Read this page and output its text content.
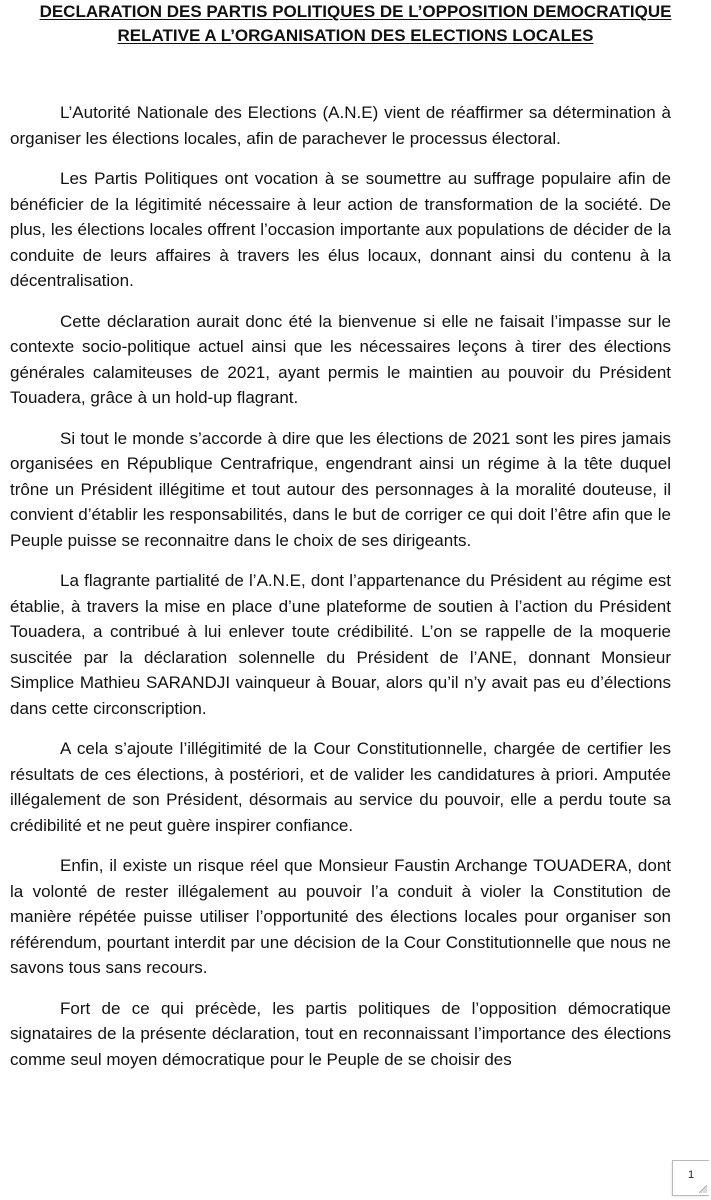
DECLARATION DES PARTIS POLITIQUES DE L’OPPOSITION DEMOCRATIQUE
RELATIVE A L’ORGANISATION DES ELECTIONS LOCALES

L’Autorité Nationale des Elections (A.N.E) vient de réaffirmer sa détermination à organiser les élections locales, afin de parachever le processus électoral.

Les Partis Politiques ont vocation à se soumettre au suffrage populaire afin de bénéficier de la légitimité nécessaire à leur action de transformation de la société. De plus, les élections locales offrent l’occasion importante aux populations de décider de la conduite de leurs affaires à travers les élus locaux, donnant ainsi du contenu à la décentralisation.

Cette déclaration aurait donc été la bienvenue si elle ne faisait l’impasse sur le contexte socio-politique actuel ainsi que les nécessaires leçons à tirer des élections générales calamiteuses de 2021, ayant permis le maintien au pouvoir du Président Touadera, grâce à un hold-up flagrant.

Si tout le monde s’accorde à dire que les élections de 2021 sont les pires jamais organisées en République Centrafrique, engendrant ainsi un régime à la tête duquel trône un Président illégitime et tout autour des personnages à la moralité douteuse, il convient d’établir les responsabilités, dans le but de corriger ce qui doit l’être afin que le Peuple puisse se reconnaitre dans le choix de ses dirigeants.

La flagrante partialité de l’A.N.E, dont l’appartenance du Président au régime est établie, à travers la mise en place d’une plateforme de soutien à l’action du Président Touadera, a contribué à lui enlever toute crédibilité. L’on se rappelle de la moquerie suscitée par la déclaration solennelle du Président de l’ANE, donnant Monsieur Simplice Mathieu SARANDJI vainqueur à Bouar, alors qu’il n’y avait pas eu d’élections dans cette circonscription.

A cela s’ajoute l’illégitimité de la Cour Constitutionnelle, chargée de certifier les résultats de ces élections, à postériori, et de valider les candidatures à priori. Amputée illégalement de son Président, désormais au service du pouvoir, elle a perdu toute sa crédibilité et ne peut guère inspirer confiance.

Enfin, il existe un risque réel que Monsieur Faustin Archange TOUADERA, dont la volonté de rester illégalement au pouvoir l’a conduit à violer la Constitution de manière répétée puisse utiliser l’opportunité des élections locales pour organiser son référendum, pourtant interdit par une décision de la Cour Constitutionnelle que nous ne savons tous sans recours.

Fort de ce qui précède, les partis politiques de l’opposition démocratique signataires de la présente déclaration, tout en reconnaissant l’importance des élections comme seul moyen démocratique pour le Peuple de se choisir des

1
